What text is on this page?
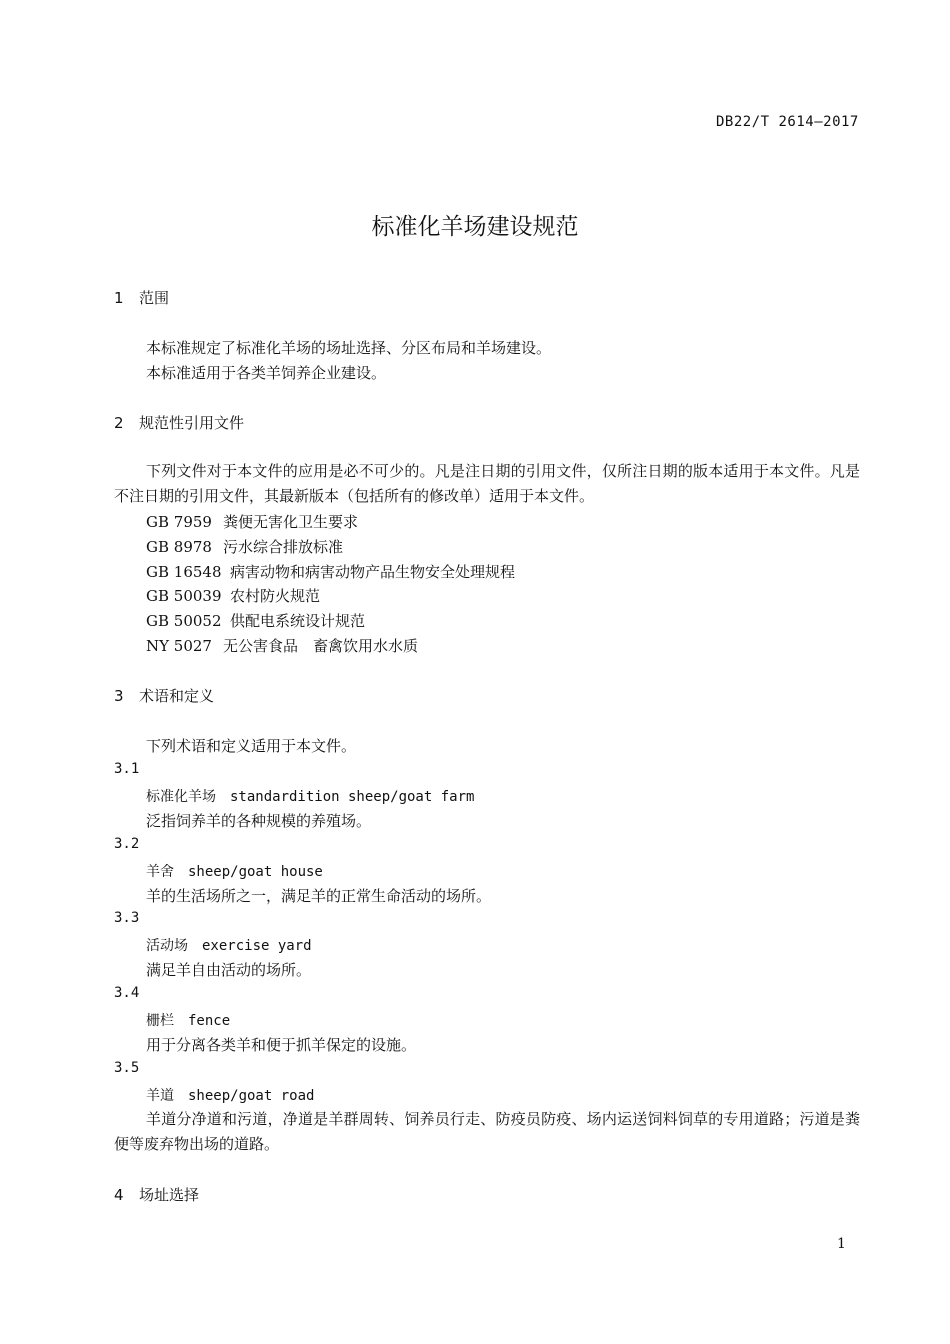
DB22/T 2614—2017
标准化羊场建设规范
1 范围
本标准规定了标准化羊场的场址选择、分区布局和羊场建设。
本标准适用于各类羊饲养企业建设。
2 规范性引用文件
下列文件对于本文件的应用是必不可少的。凡是注日期的引用文件，仅所注日期的版本适用于本文件。凡是不注日期的引用文件，其最新版本（包括所有的修改单）适用于本文件。
GB 7959 粪便无害化卫生要求
GB 8978 污水综合排放标准
GB 16548 病害动物和病害动物产品生物安全处理规程
GB 50039 农村防火规范
GB 50052 供配电系统设计规范
NY 5027 无公害食品　畜禽饮用水水质
3 术语和定义
下列术语和定义适用于本文件。
3.1
标准化羊场 standardition sheep/goat farm
泛指饲养羊的各种规模的养殖场。
3.2
羊舍 sheep/goat house
羊的生活场所之一，满足羊的正常生命活动的场所。
3.3
活动场 exercise yard
满足羊自由活动的场所。
3.4
栅栏 fence
用于分离各类羊和便于抓羊保定的设施。
3.5
羊道 sheep/goat road
羊道分净道和污道，净道是羊群周转、饲养员行走、防疫员防疫、场内运送饲料饲草的专用道路；污道是粪便等废弃物出场的道路。
4 场址选择
1
